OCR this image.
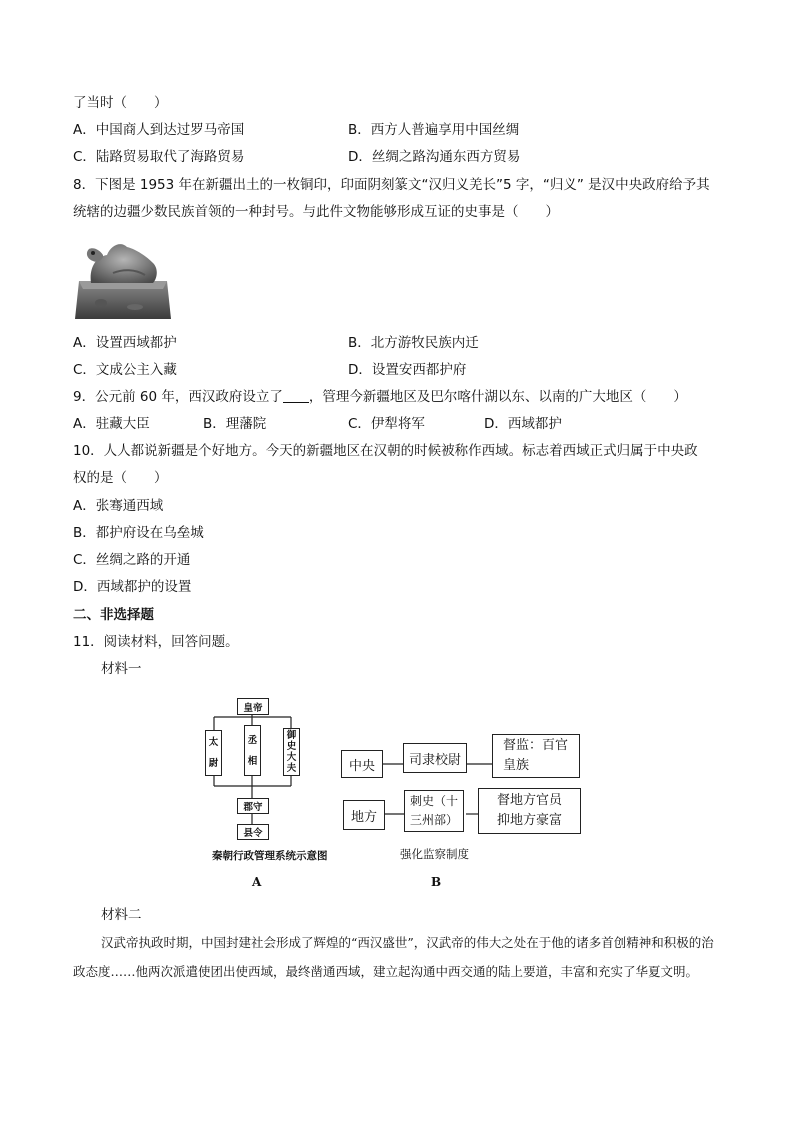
了当时（　　）
A．中国商人到达过罗马帝国	B．西方人普遍享用中国丝绸
C．陆路贸易取代了海路贸易	D．丝绸之路沟通东西方贸易
8．下图是 1953 年在新疆出土的一枚铜印，印面阴刻篆文“汉归义羌长”5 字，“归义” 是汉中央政府给予其
统辖的边疆少数民族首领的一种封号。与此件文物能够形成互证的史事是（　　）
A．设置西域都护	B．北方游牧民族内迁
C．文成公主入藏	D．设置安西都护府
9．公元前 60 年，西汉政府设立了 ，管理今新疆地区及巴尔喀什湖以东、以南的广大地区（　　）
A．驻藏大臣	B．理藩院	C．伊犁将军	D．西域都护
10．人人都说新疆是个好地方。今天的新疆地区在汉朝的时候被称作西域。标志着西域正式归属于中央政
权的是（　　）
A．张骞通西域
B．都护府设在乌垒城
C．丝绸之路的开通
D．西域都护的设置
二、非选择题
11．阅读材料，回答问题。
材料一
皇帝
太
尉
丞
相
御
史
大
夫
郡守
县令
秦朝行政管理系统示意图
A
中央	司隶校尉
督监：百官
皇族
地方
刺史（十
三州部）
督地方官员
抑地方豪富
强化监察制度
B
材料二
汉武帝执政时期，中国封建社会形成了辉煌的“西汉盛世”，汉武帝的伟大之处在于他的诸多首创精神和积极的治政态度……他两次派遣使团出使西域，最终凿通西域，建立起沟通中西交通的陆上要道，丰富和充实了华夏文明。
